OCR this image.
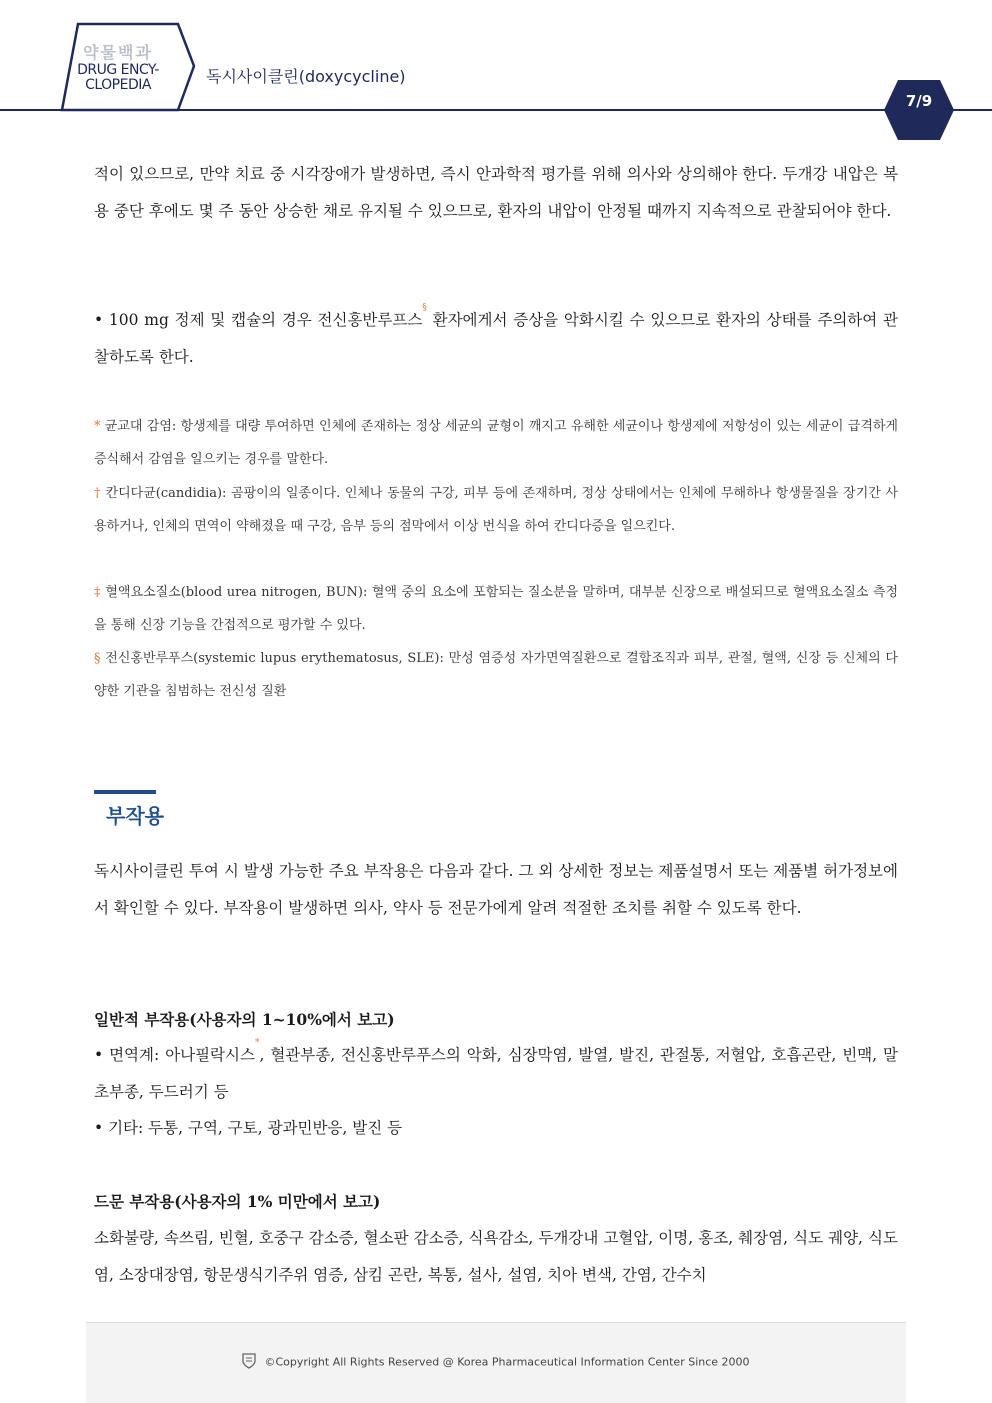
약물백과
DRUG ENCY-
CLOPEDIA	독시사이클린(doxycycline)
7/9
적이 있으므로, 만약 치료 중 시각장애가 발생하면, 즉시 안과학적 평가를 위해 의사와 상의해야 한다. 두개강 내압은 복용 중단 후에도 몇 주 동안 상승한 채로 유지될 수 있으므로, 환자의 내압이 안정될 때까지 지속적으로 관찰되어야 한다.
• 100 mg 정제 및 캡슐의 경우 전신홍반루프스§ 환자에게서 증상을 악화시킬 수 있으므로 환자의 상태를 주의하여 관찰하도록 한다.
* 균교대 감염: 항생제를 대량 투여하면 인체에 존재하는 정상 세균의 균형이 깨지고 유해한 세균이나 항생제에 저항성이 있는 세균이 급격하게 증식해서 감염을 일으키는 경우를 말한다.
† 칸디다균(candidia): 곰팡이의 일종이다. 인체나 동물의 구강, 피부 등에 존재하며, 정상 상태에서는 인체에 무해하나 항생물질을 장기간 사용하거나, 인체의 면역이 약해졌을 때 구강, 음부 등의 점막에서 이상 번식을 하여 칸디다증을 일으킨다.
‡ 혈액요소질소(blood urea nitrogen, BUN): 혈액 중의 요소에 포함되는 질소분을 말하며, 대부분 신장으로 배설되므로 혈액요소질소 측정을 통해 신장 기능을 간접적으로 평가할 수 있다.
§ 전신홍반루푸스(systemic lupus erythematosus, SLE): 만성 염증성 자가면역질환으로 결합조직과 피부, 관절, 혈액, 신장 등 신체의 다양한 기관을 침범하는 전신성 질환
부작용
독시사이클린 투여 시 발생 가능한 주요 부작용은 다음과 같다. 그 외 상세한 정보는 제품설명서 또는 제품별 허가정보에서 확인할 수 있다. 부작용이 발생하면 의사, 약사 등 전문가에게 알려 적절한 조치를 취할 수 있도록 한다.
일반적 부작용(사용자의 1~10%에서 보고)
• 면역계: 아나필락시스*, 혈관부종, 전신홍반루푸스의 악화, 심장막염, 발열, 발진, 관절통, 저혈압, 호흡곤란, 빈맥, 말초부종, 두드러기 등
• 기타: 두통, 구역, 구토, 광과민반응, 발진 등
드문 부작용(사용자의 1% 미만에서 보고)
소화불량, 속쓰림, 빈혈, 호중구 감소증, 혈소판 감소증, 식욕감소, 두개강내 고혈압, 이명, 홍조, 췌장염, 식도 궤양, 식도염, 소장대장염, 항문생식기주위 염증, 삼킴 곤란, 복통, 설사, 설염, 치아 변색, 간염, 간수치
©Copyright All Rights Reserved @ Korea Pharmaceutical Information Center Since 2000
